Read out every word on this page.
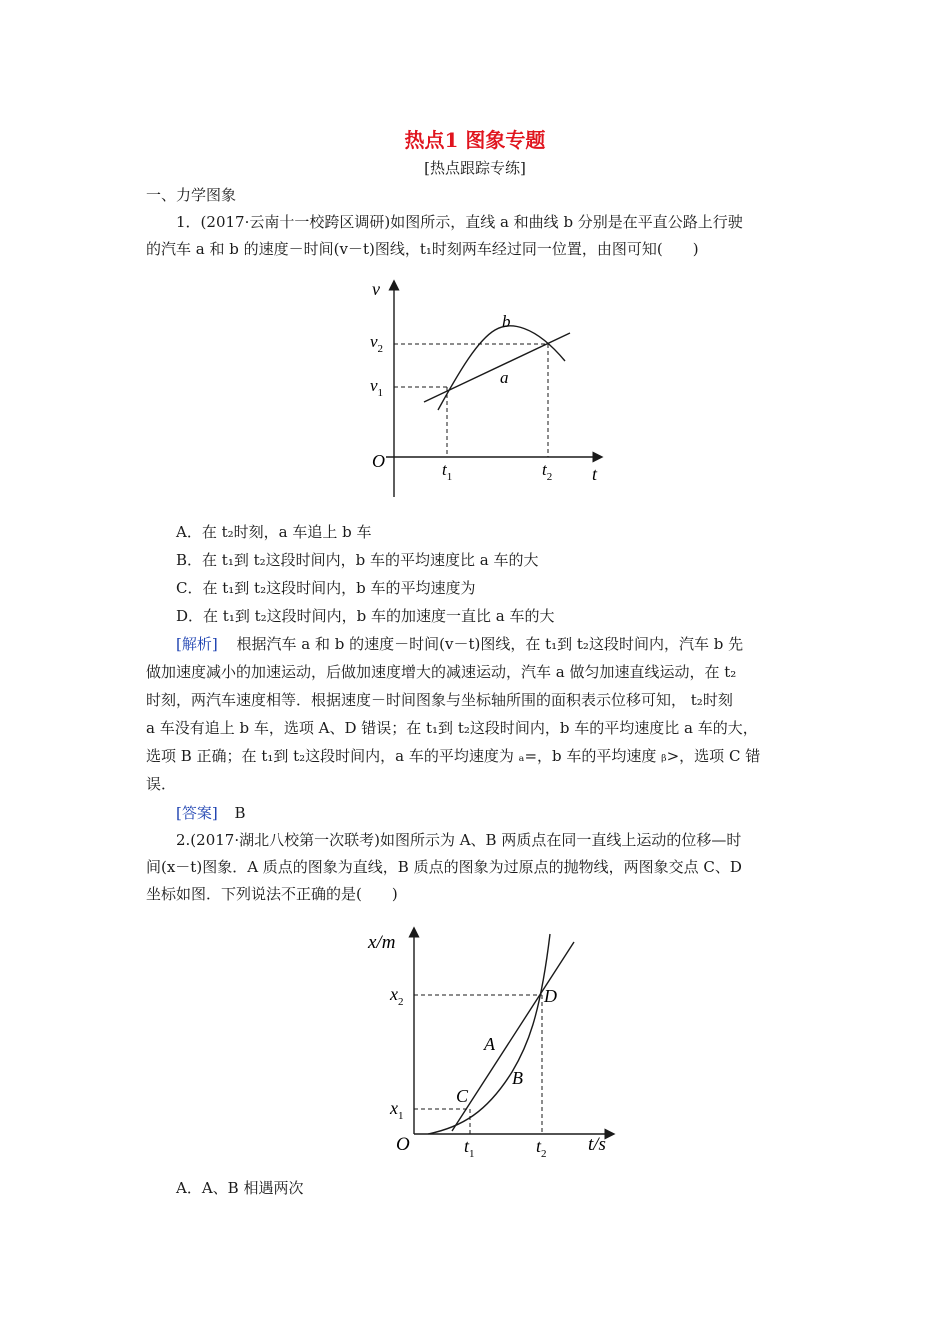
热点1 图象专题
[热点跟踪专练]
一、力学图象
1．(2017·云南十一校跨区调研)如图所示，直线 a 和曲线 b 分别是在平直公路上行驶
的汽车 a 和 b 的速度－时间(v－t)图线，t₁时刻两车经过同一位置，由图可知(　　)
v
t
O
$v_2$
$v_1$
$t_1$	$t_2$
b
a
A．在 t₂时刻，a 车追上 b 车
B．在 t₁到 t₂这段时间内，b 车的平均速度比 a 车的大
C．在 t₁到 t₂这段时间内，b 车的平均速度为
D．在 t₁到 t₂这段时间内，b 车的加速度一直比 a 车的大
[解析] 根据汽车 a 和 b 的速度－时间(v－t)图线，在 t₁到 t₂这段时间内，汽车 b 先
做加速度减小的加速运动，后做加速度增大的减速运动，汽车 a 做匀加速直线运动，在 t₂
时刻，两汽车速度相等．根据速度－时间图象与坐标轴所围的面积表示位移可知， t₂时刻
a 车没有追上 b 车，选项 A、D 错误；在 t₁到 t₂这段时间内，b 车的平均速度比 a 车的大，
选项 B 正确；在 t₁到 t₂这段时间内，a 车的平均速度为 ₐ=，b 车的平均速度 ᵦ>，选项 C 错
误．
[答案] B
2.(2017·湖北八校第一次联考)如图所示为 A、B 两质点在同一直线上运动的位移—时
间(x－t)图象．A 质点的图象为直线，B 质点的图象为过原点的抛物线，两图象交点 C、D
坐标如图．下列说法不正确的是(　　)
x/m
t/s
O
$x_2$
$x_1$
$t_1$	$t_2$
A
B
C
D
A．A、B 相遇两次
